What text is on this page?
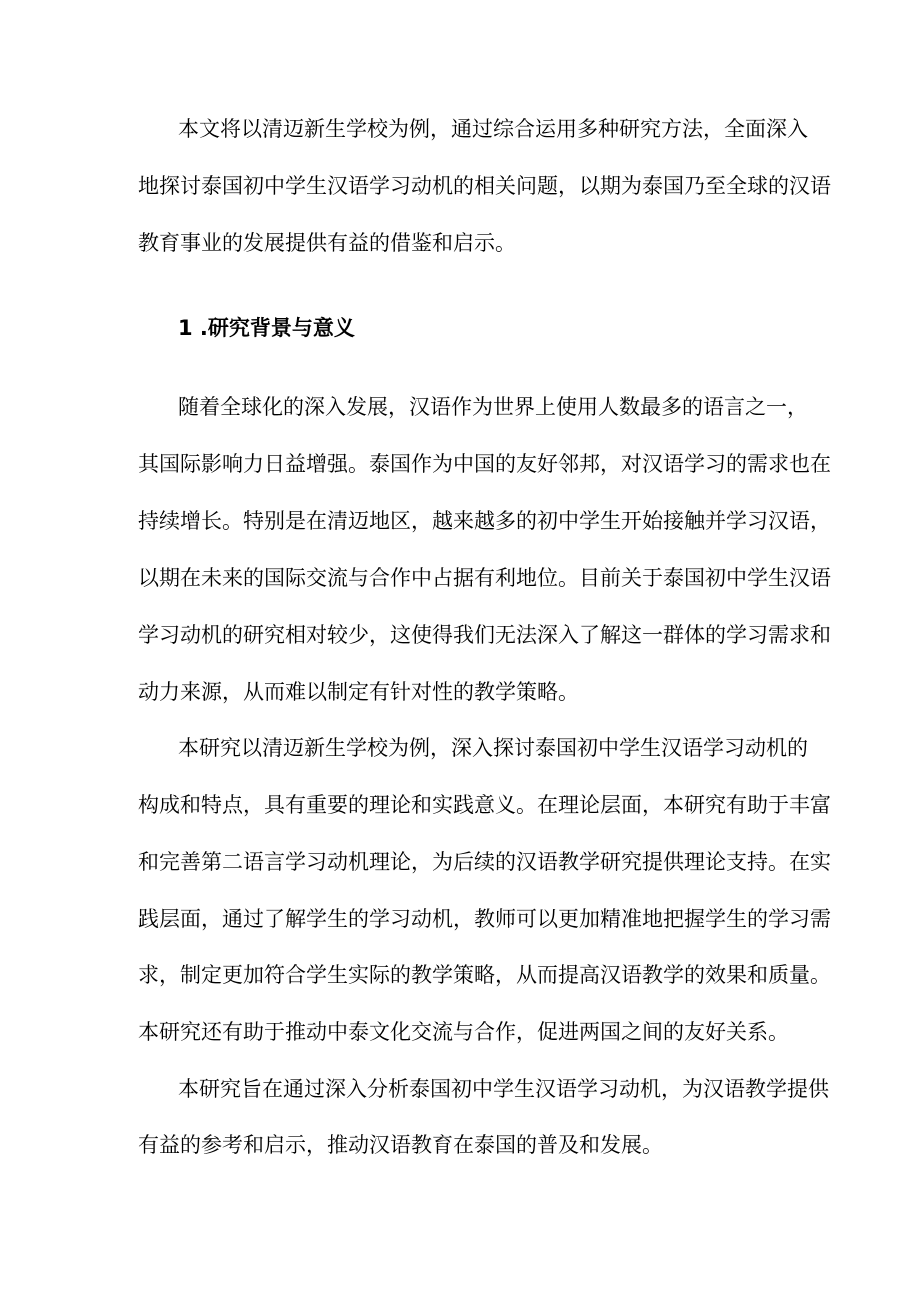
本文将以清迈新生学校为例，通过综合运用多种研究方法，全面深入
地探讨泰国初中学生汉语学习动机的相关问题，以期为泰国乃至全球的汉语
教育事业的发展提供有益的借鉴和启示。
1 .研究背景与意义
随着全球化的深入发展，汉语作为世界上使用人数最多的语言之一，
其国际影响力日益增强。泰国作为中国的友好邻邦，对汉语学习的需求也在
持续增长。特别是在清迈地区，越来越多的初中学生开始接触并学习汉语，
以期在未来的国际交流与合作中占据有利地位。目前关于泰国初中学生汉语
学习动机的研究相对较少，这使得我们无法深入了解这一群体的学习需求和
动力来源，从而难以制定有针对性的教学策略。
本研究以清迈新生学校为例，深入探讨泰国初中学生汉语学习动机的
构成和特点，具有重要的理论和实践意义。在理论层面，本研究有助于丰富
和完善第二语言学习动机理论，为后续的汉语教学研究提供理论支持。在实
践层面，通过了解学生的学习动机，教师可以更加精准地把握学生的学习需
求，制定更加符合学生实际的教学策略，从而提高汉语教学的效果和质量。
本研究还有助于推动中泰文化交流与合作，促进两国之间的友好关系。
本研究旨在通过深入分析泰国初中学生汉语学习动机，为汉语教学提供
有益的参考和启示，推动汉语教育在泰国的普及和发展。
